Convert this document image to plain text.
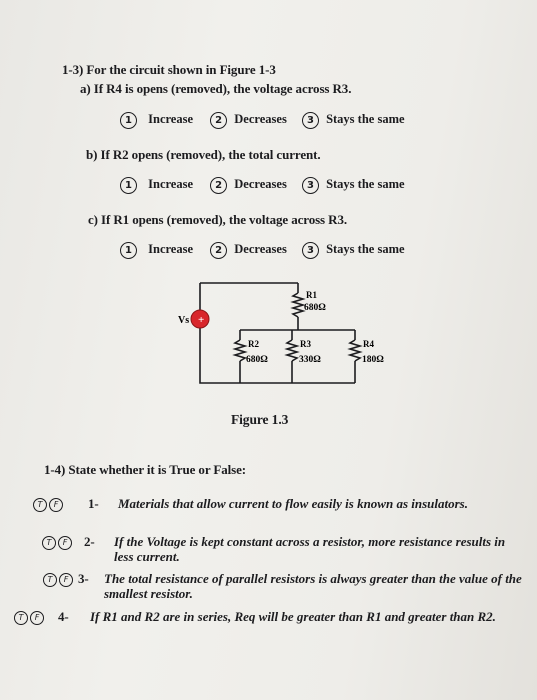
1-3) For the circuit shown in Figure 1-3
a) If R4 is opens (removed), the voltage across R3.
1 Increase 2 Decreases 3 Stays the same
b) If R2 opens (removed), the total current.
1 Increase 2 Decreases 3 Stays the same
c) If R1 opens (removed), the voltage across R3.
1 Increase 2 Decreases 3 Stays the same
+
Vs
R1
680Ω
R2
680Ω
R3
330Ω
R4
180Ω
Figure 1.3
1-4) State whether it is True or False:
T F	1- Materials that allow current to flow easily is known as insulators.
T F	2- If the Voltage is kept constant across a resistor, more resistance results in less current.
T F 3- The total resistance of parallel resistors is always greater than the value of the smallest resistor.
T F	4- If R1 and R2 are in series, Req will be greater than R1 and greater than R2.
